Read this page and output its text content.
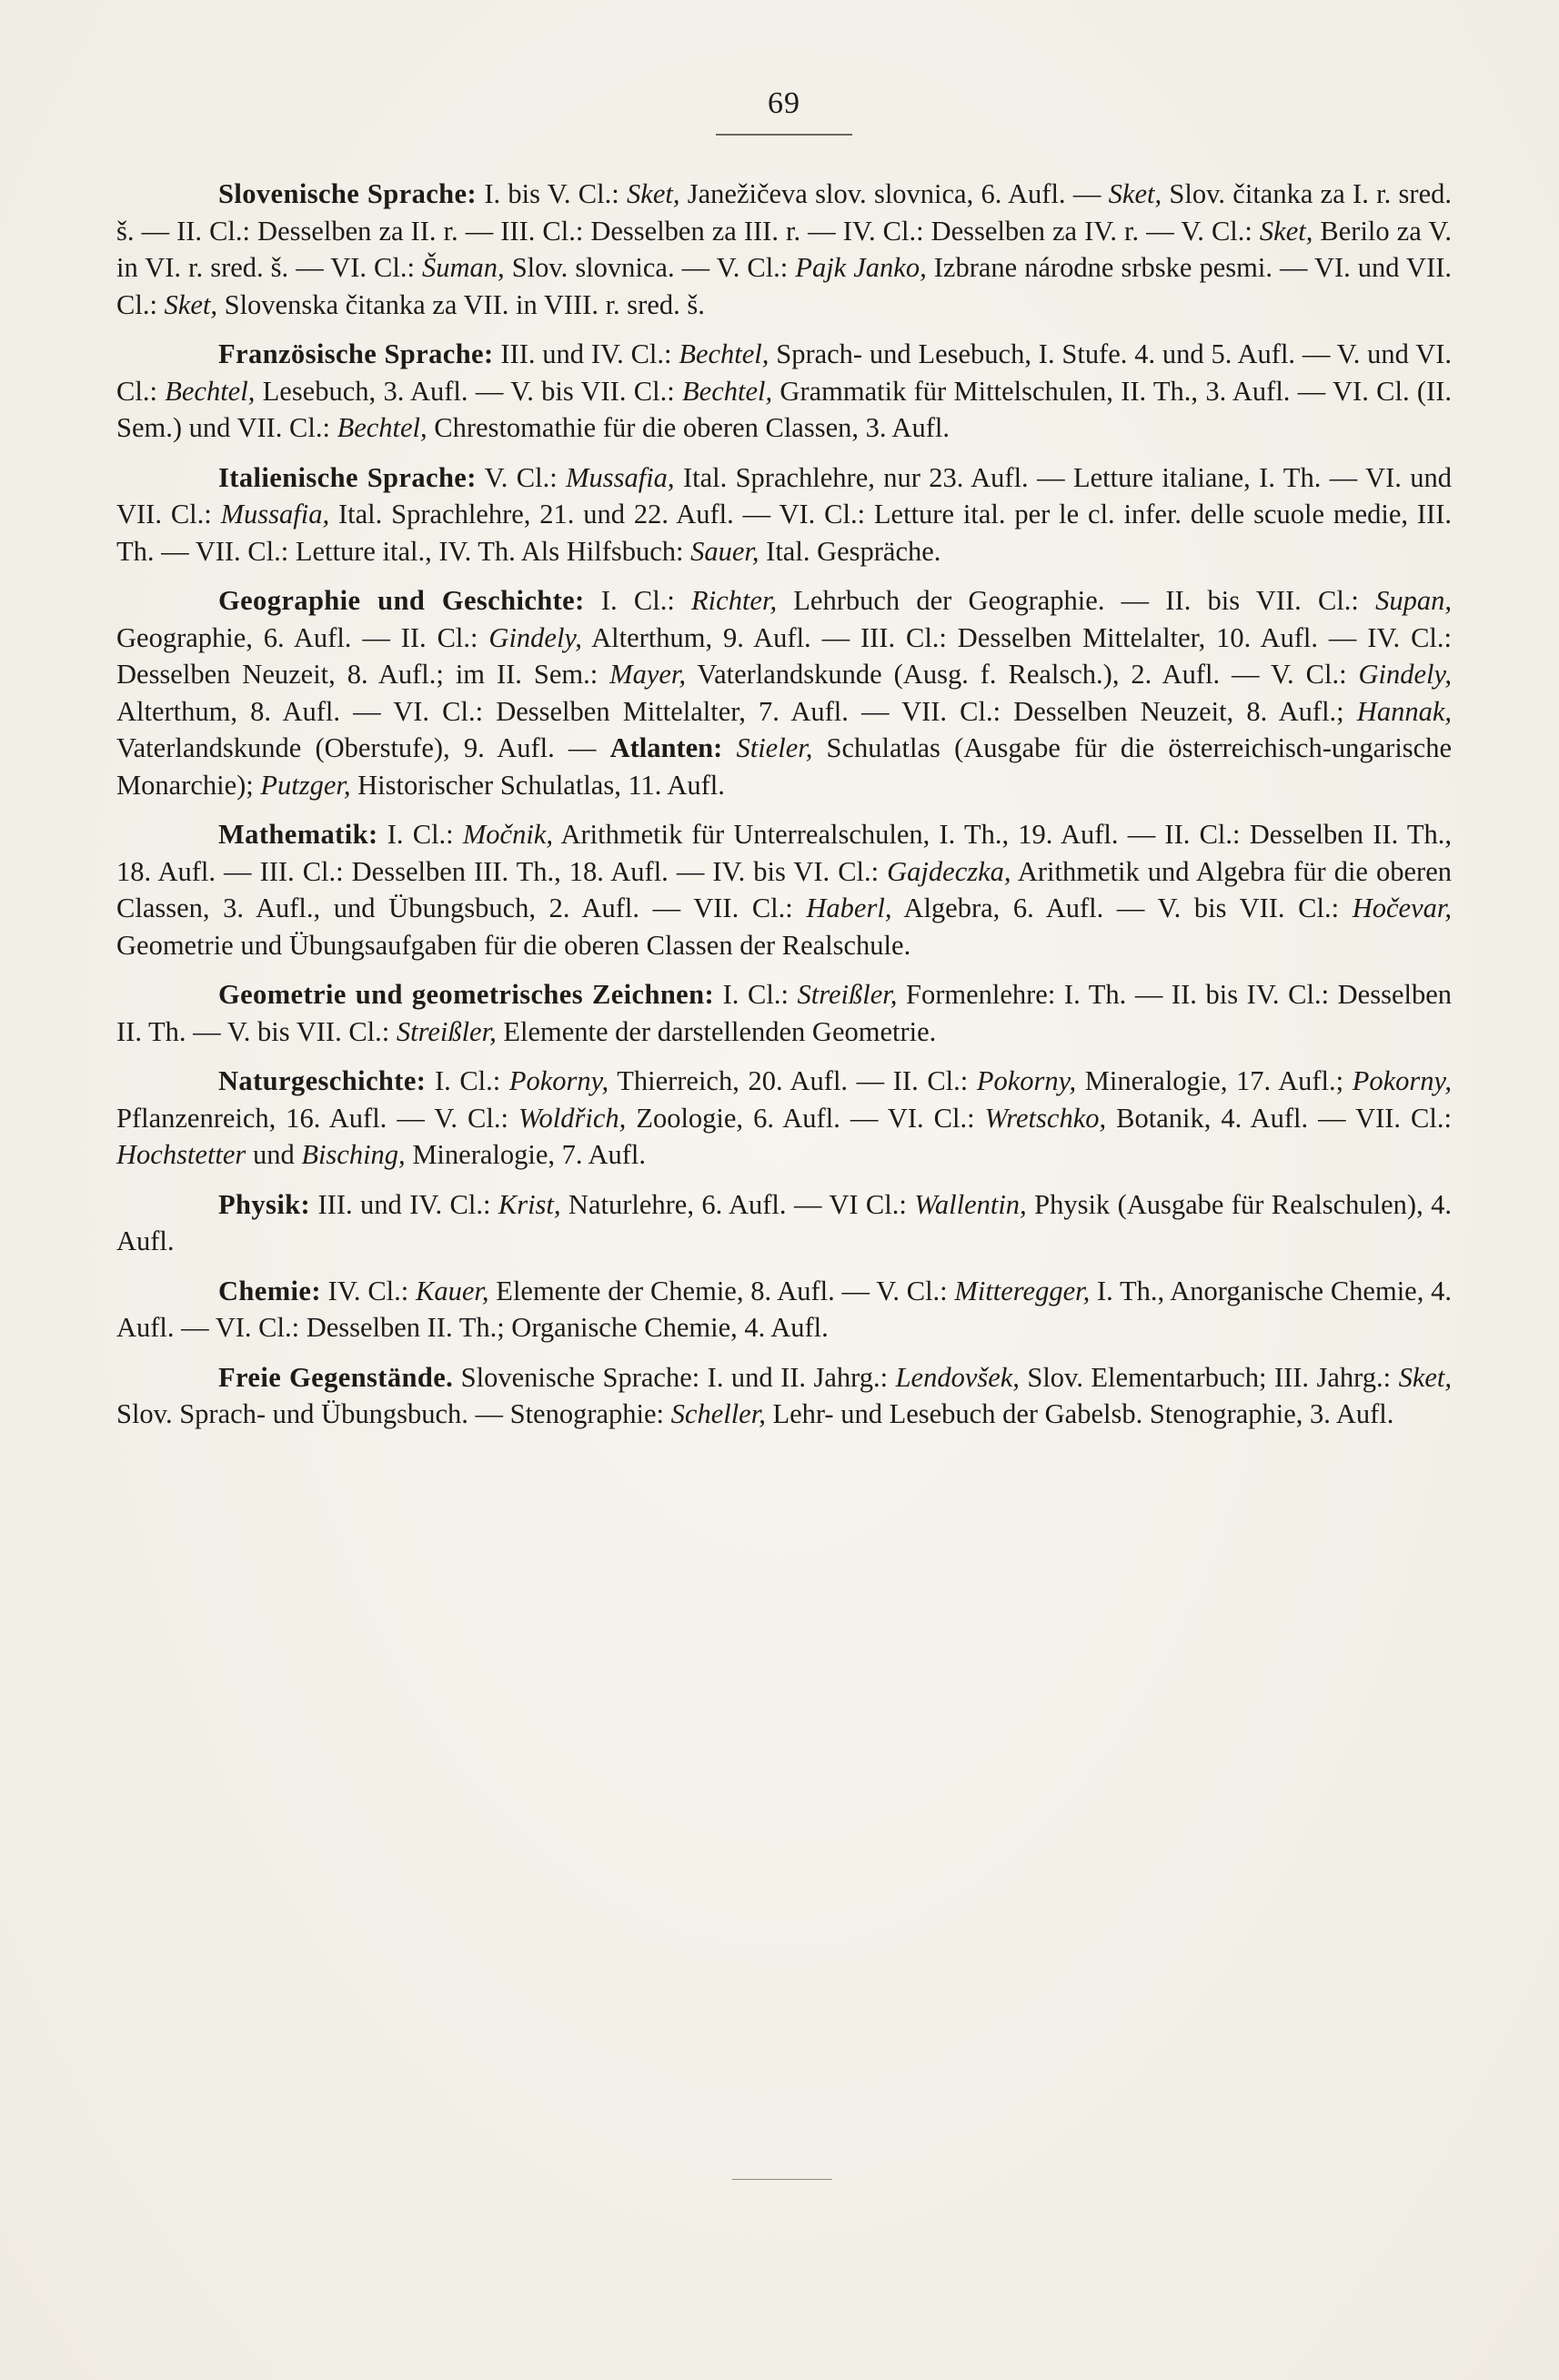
69

Slovenische Sprache: I. bis V. Cl.: Sket, Janežičeva slov. slovnica, 6. Aufl. — Sket, Slov. čitanka za I. r. sred. š. — II. Cl.: Desselben za II. r. — III. Cl.: Desselben za III. r. — IV. Cl.: Desselben za IV. r. — V. Cl.: Sket, Berilo za V. in VI. r. sred. š. — VI. Cl.: Šuman, Slov. slovnica. — V. Cl.: Pajk Janko, Izbrane národne srbske pesmi. — VI. und VII. Cl.: Sket, Slovenska čitanka za VII. in VIII. r. sred. š.

Französische Sprache: III. und IV. Cl.: Bechtel, Sprach- und Lesebuch, I. Stufe. 4. und 5. Aufl. — V. und VI. Cl.: Bechtel, Lesebuch, 3. Aufl. — V. bis VII. Cl.: Bechtel, Grammatik für Mittelschulen, II. Th., 3. Aufl. — VI. Cl. (II. Sem.) und VII. Cl.: Bechtel, Chrestomathie für die oberen Classen, 3. Aufl.

Italienische Sprache: V. Cl.: Mussafia, Ital. Sprachlehre, nur 23. Aufl. — Letture italiane, I. Th. — VI. und VII. Cl.: Mussafia, Ital. Sprachlehre, 21. und 22. Aufl. — VI. Cl.: Letture ital. per le cl. infer. delle scuole medie, III. Th. — VII. Cl.: Letture ital., IV. Th. Als Hilfsbuch: Sauer, Ital. Gespräche.

Geographie und Geschichte: I. Cl.: Richter, Lehrbuch der Geographie. — II. bis VII. Cl.: Supan, Geographie, 6. Aufl. — II. Cl.: Gindely, Alterthum, 9. Aufl. — III. Cl.: Desselben Mittelalter, 10. Aufl. — IV. Cl.: Desselben Neuzeit, 8. Aufl.; im II. Sem.: Mayer, Vaterlandskunde (Ausg. f. Realsch.), 2. Aufl. — V. Cl.: Gindely, Alterthum, 8. Aufl. — VI. Cl.: Desselben Mittelalter, 7. Aufl. — VII. Cl.: Desselben Neuzeit, 8. Aufl.; Hannak, Vaterlandskunde (Oberstufe), 9. Aufl. — Atlanten: Stieler, Schulatlas (Ausgabe für die österreichisch-ungarische Monarchie); Putzger, Historischer Schulatlas, 11. Aufl.

Mathematik: I. Cl.: Močnik, Arithmetik für Unterrealschulen, I. Th., 19. Aufl. — II. Cl.: Desselben II. Th., 18. Aufl. — III. Cl.: Desselben III. Th., 18. Aufl. — IV. bis VI. Cl.: Gajdeczka, Arithmetik und Algebra für die oberen Classen, 3. Aufl., und Übungsbuch, 2. Aufl. — VII. Cl.: Haberl, Algebra, 6. Aufl. — V. bis VII. Cl.: Hočevar, Geometrie und Übungsaufgaben für die oberen Classen der Realschule.

Geometrie und geometrisches Zeichnen: I. Cl.: Streißler, Formenlehre: I. Th. — II. bis IV. Cl.: Desselben II. Th. — V. bis VII. Cl.: Streißler, Elemente der darstellenden Geometrie.

Naturgeschichte: I. Cl.: Pokorny, Thierreich, 20. Aufl. — II. Cl.: Pokorny, Mineralogie, 17. Aufl.; Pokorny, Pflanzenreich, 16. Aufl. — V. Cl.: Woldřich, Zoologie, 6. Aufl. — VI. Cl.: Wretschko, Botanik, 4. Aufl. — VII. Cl.: Hochstetter und Bisching, Mineralogie, 7. Aufl.

Physik: III. und IV. Cl.: Krist, Naturlehre, 6. Aufl. — VI Cl.: Wallentin, Physik (Ausgabe für Realschulen), 4. Aufl.

Chemie: IV. Cl.: Kauer, Elemente der Chemie, 8. Aufl. — V. Cl.: Mitteregger, I. Th., Anorganische Chemie, 4. Aufl. — VI. Cl.: Desselben II. Th.; Organische Chemie, 4. Aufl.

Freie Gegenstände. Slovenische Sprache: I. und II. Jahrg.: Lendovšek, Slov. Elementarbuch; III. Jahrg.: Sket, Slov. Sprach- und Übungsbuch. — Stenographie: Scheller, Lehr- und Lesebuch der Gabelsb. Stenographie, 3. Aufl.
